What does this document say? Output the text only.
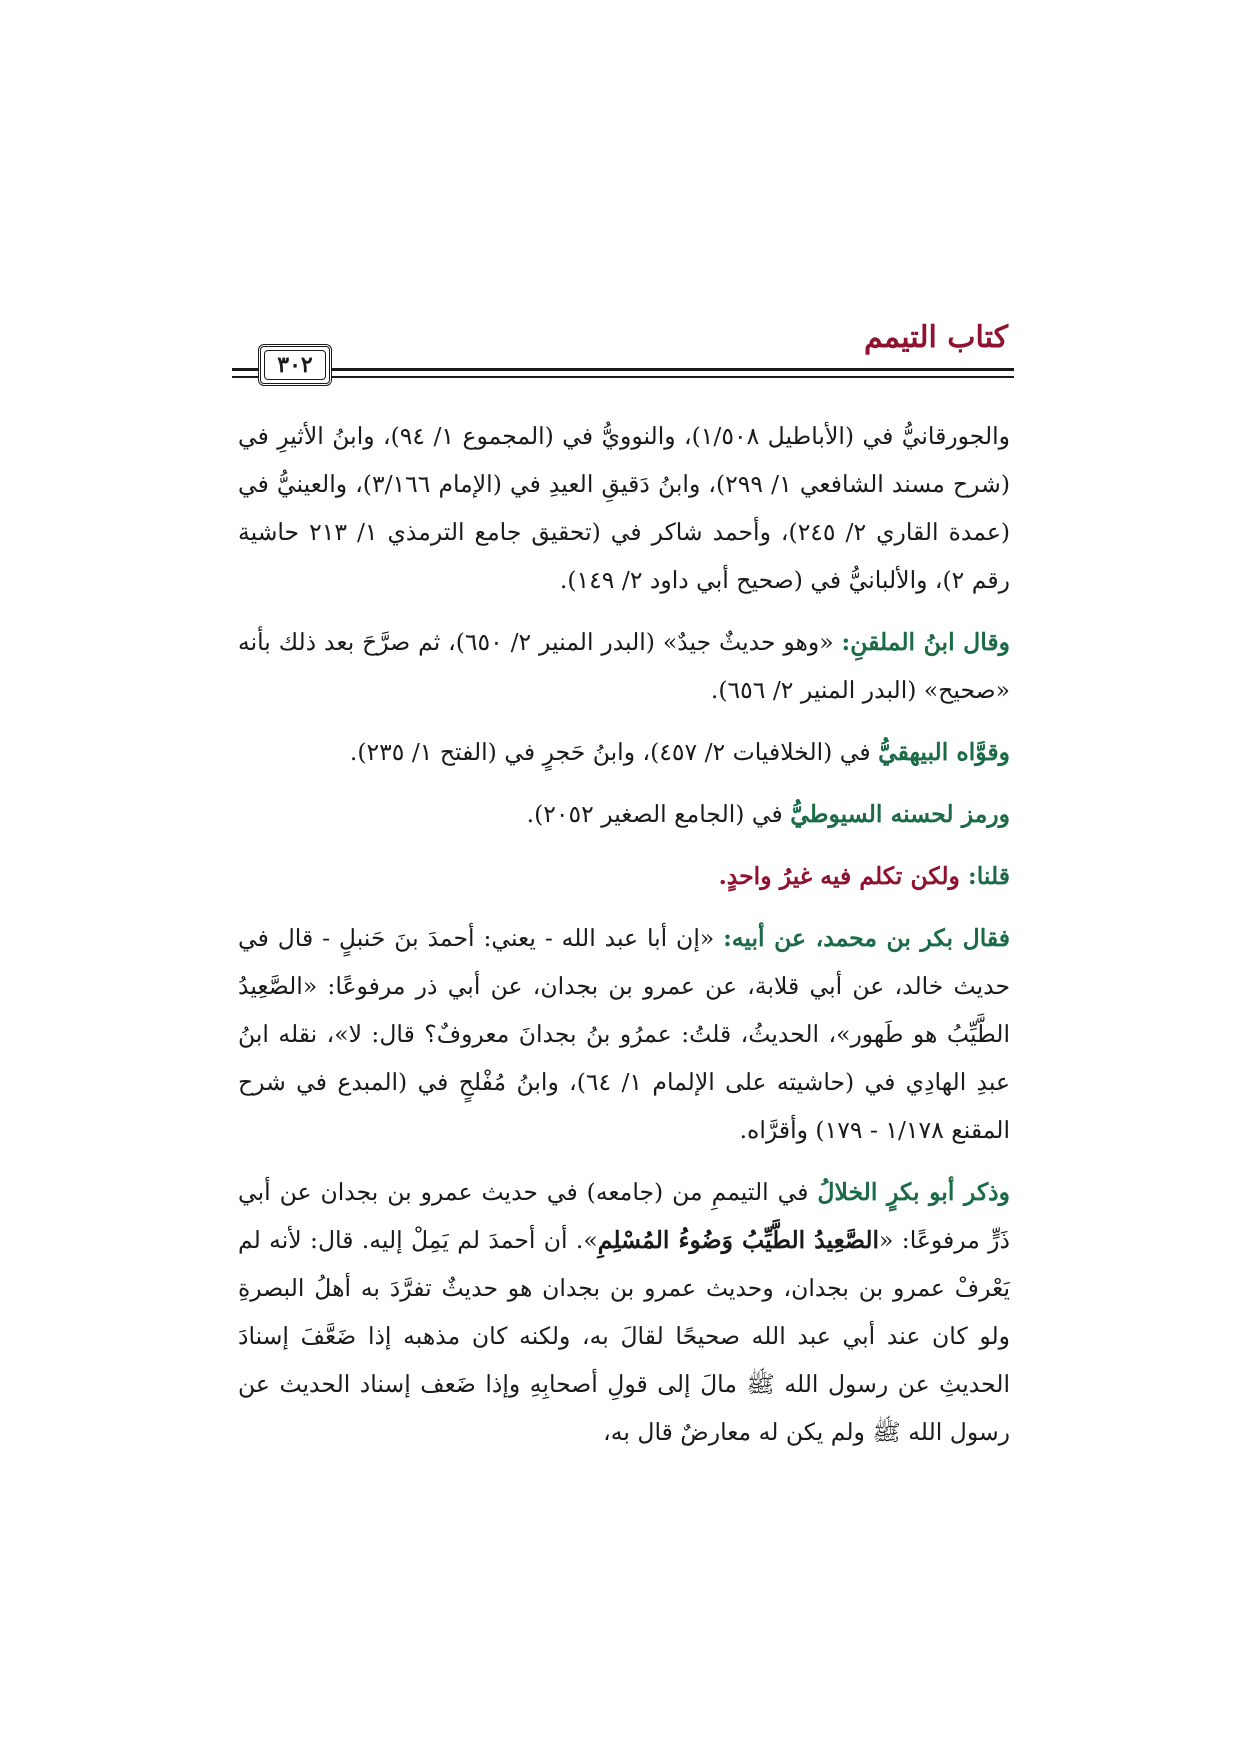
كتاب التيمم
٣٠٢

والجورقانيُّ في (الأباطيل ١/٥٠٨)، والنوويُّ في (المجموع ١/ ٩٤)، وابنُ الأثيرِ في (شرح مسند الشافعي ١/ ٢٩٩)، وابنُ دَقيقِ العيدِ في (الإمام ٣/١٦٦)، والعينيُّ في (عمدة القاري ٢/ ٢٤٥)، وأحمد شاكر في (تحقيق جامع الترمذي ١/ ٢١٣ حاشية رقم ٢)، والألبانيُّ في (صحيح أبي داود ٢/ ١٤٩).

وقال ابنُ الملقنِ: «وهو حديثٌ جيدٌ» (البدر المنير ٢/ ٦٥٠)، ثم صرَّحَ بعد ذلك بأنه «صحيح» (البدر المنير ٢/ ٦٥٦).

وقوَّاه البيهقيُّ في (الخلافيات ٢/ ٤٥٧)، وابنُ حَجرٍ في (الفتح ١/ ٢٣٥).

ورمز لحسنه السيوطيُّ في (الجامع الصغير ٢٠٥٢).

قلنا: ولكن تكلم فيه غيرُ واحدٍ.

فقال بكر بن محمد، عن أبيه: «إن أبا عبد الله - يعني: أحمدَ بنَ حَنبلٍ - قال في حديث خالد، عن أبي قلابة، عن عمرو بن بجدان، عن أبي ذر مرفوعًا: «الصَّعِيدُ الطَّيِّبُ هو طَهور»، الحديثُ، قلتُ: عمرُو بنُ بجدانَ معروفٌ؟ قال: لا»، نقله ابنُ عبدِ الهادِي في (حاشيته على الإلمام ١/ ٦٤)، وابنُ مُفْلحٍ في (المبدع في شرح المقنع ١/١٧٨ - ١٧٩) وأقرَّاه.

وذكر أبو بكرٍ الخلالُ في التيممِ من (جامعه) في حديث عمرو بن بجدان عن أبي ذَرٍّ مرفوعًا: «الصَّعِيدُ الطَّيِّبُ وَضُوءُ المُسْلِمِ». أن أحمدَ لم يَمِلْ إليه. قال: لأنه لم يَعْرفْ عمرو بن بجدان، وحديث عمرو بن بجدان هو حديثٌ تفرَّدَ به أهلُ البصرةِ ولو كان عند أبي عبد الله صحيحًا لقالَ به، ولكنه كان مذهبه إذا ضَعَّفَ إسنادَ الحديثِ عن رسول الله ﷺ مالَ إلى قولِ أصحابِهِ وإذا ضَعف إسناد الحديث عن رسول الله ﷺ ولم يكن له معارضٌ قال به،
